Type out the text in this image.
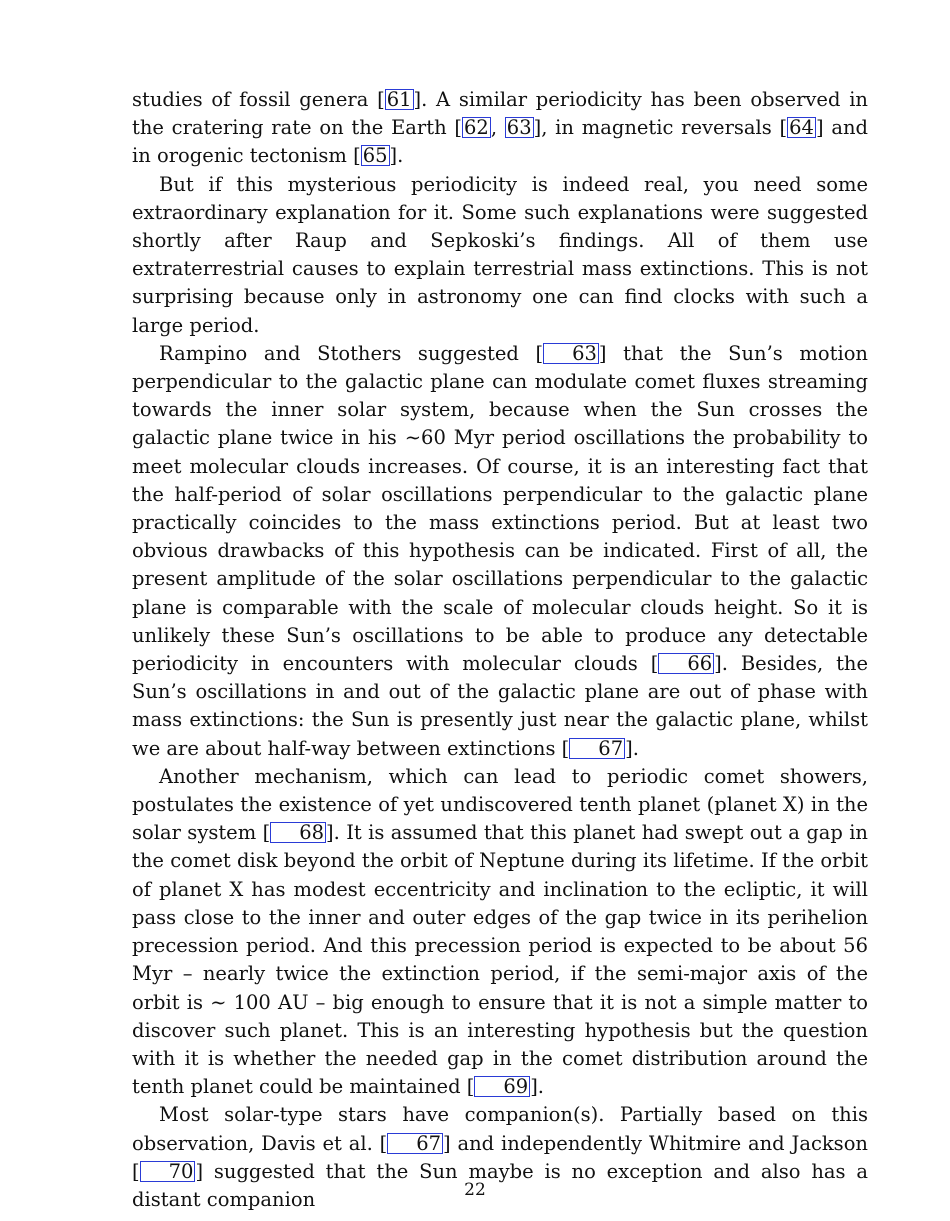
studies of fossil genera [ 61 ]. A similar periodicity has been observed in the cratering rate on the Earth [ 62 , 63 ], in magnetic reversals [ 64 ] and in orogenic tectonism [ 65 ].

But if this mysterious periodicity is indeed real, you need some extraordinary explanation for it. Some such explanations were suggested shortly after Raup and Sepkoski’s findings. All of them use extraterrestrial causes to explain terrestrial mass extinctions. This is not surprising because only in astronomy one can find clocks with such a large period.

Rampino and Stothers suggested [ 63 ] that the Sun’s motion perpendicular to the galactic plane can modulate comet fluxes streaming towards the inner solar system, because when the Sun crosses the galactic plane twice in his ∼60 Myr period oscillations the probability to meet molecular clouds increases. Of course, it is an interesting fact that the half-period of solar oscillations perpendicular to the galactic plane practically coincides to the mass extinctions period. But at least two obvious drawbacks of this hypothesis can be indicated. First of all, the present amplitude of the solar oscillations perpendicular to the galactic plane is comparable with the scale of molecular clouds height. So it is unlikely these Sun’s oscillations to be able to produce any detectable periodicity in encounters with molecular clouds [ 66 ]. Besides, the Sun’s oscillations in and out of the galactic plane are out of phase with mass extinctions: the Sun is presently just near the galactic plane, whilst we are about half-way between extinctions [ 67 ].

Another mechanism, which can lead to periodic comet showers, postulates the existence of yet undiscovered tenth planet (planet X) in the solar system [ 68 ]. It is assumed that this planet had swept out a gap in the comet disk beyond the orbit of Neptune during its lifetime. If the orbit of planet X has modest eccentricity and inclination to the ecliptic, it will pass close to the inner and outer edges of the gap twice in its perihelion precession period. And this precession period is expected to be about 56 Myr – nearly twice the extinction period, if the semi-major axis of the orbit is ∼ 100 AU – big enough to ensure that it is not a simple matter to discover such planet. This is an interesting hypothesis but the question with it is whether the needed gap in the comet distribution around the tenth planet could be maintained [ 69 ].

Most solar-type stars have companion(s). Partially based on this observation, Davis et al. [ 67 ] and independently Whitmire and Jackson [ 70 ] suggested that the Sun maybe is no exception and also has a distant companion	22
